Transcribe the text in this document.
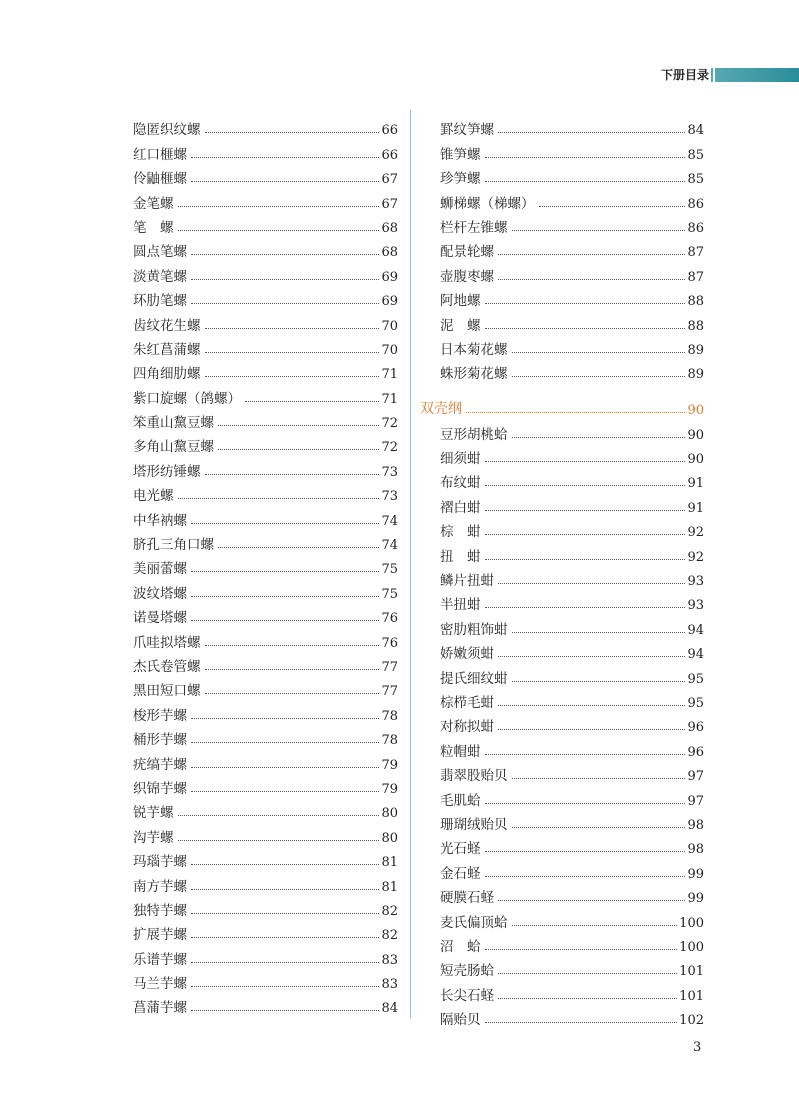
下册目录
隐匿织纹螺	66
红口榧螺	66
伶鼬榧螺	67
金笔螺	67
笔　螺	68
圆点笔螺	68
淡黄笔螺	69
环肋笔螺	69
齿纹花生螺	70
朱红菖蒲螺	70
四角细肋螺	71
紫口旋螺（鸽螺）	71
笨重山黧豆螺	72
多角山黧豆螺	72
塔形纺锤螺	73
电光螺	73
中华衲螺	74
脐孔三角口螺	74
美丽蕾螺	75
波纹塔螺	75
诺曼塔螺	76
爪哇拟塔螺	76
杰氏卷管螺	77
黑田短口螺	77
梭形芋螺	78
桶形芋螺	78
疣缟芋螺	79
织锦芋螺	79
锐芋螺	80
沟芋螺	80
玛瑙芋螺	81
南方芋螺	81
独特芋螺	82
扩展芋螺	82
乐谱芋螺	83
马兰芋螺	83
菖蒲芋螺	84
罫纹笋螺	84
锥笋螺	85
珍笋螺	85
蛳梯螺（梯螺）	86
栏杆左锥螺	86
配景轮螺	87
壶腹枣螺	87
阿地螺	88
泥　螺	88
日本菊花螺	89
蛛形菊花螺	89
双壳纲	90
豆形胡桃蛤	90
细须蚶	90
布纹蚶	91
褶白蚶	91
棕　蚶	92
扭　蚶	92
鳞片扭蚶	93
半扭蚶	93
密肋粗饰蚶	94
娇嫩须蚶	94
提氏细纹蚶	95
棕栉毛蚶	95
对称拟蚶	96
粒帽蚶	96
翡翠股贻贝	97
毛肌蛤	97
珊瑚绒贻贝	98
光石蛏	98
金石蛏	99
硬膜石蛏	99
麦氏偏顶蛤	100
沼　蛤	100
短壳肠蛤	101
长尖石蛏	101
隔贻贝	102
3
